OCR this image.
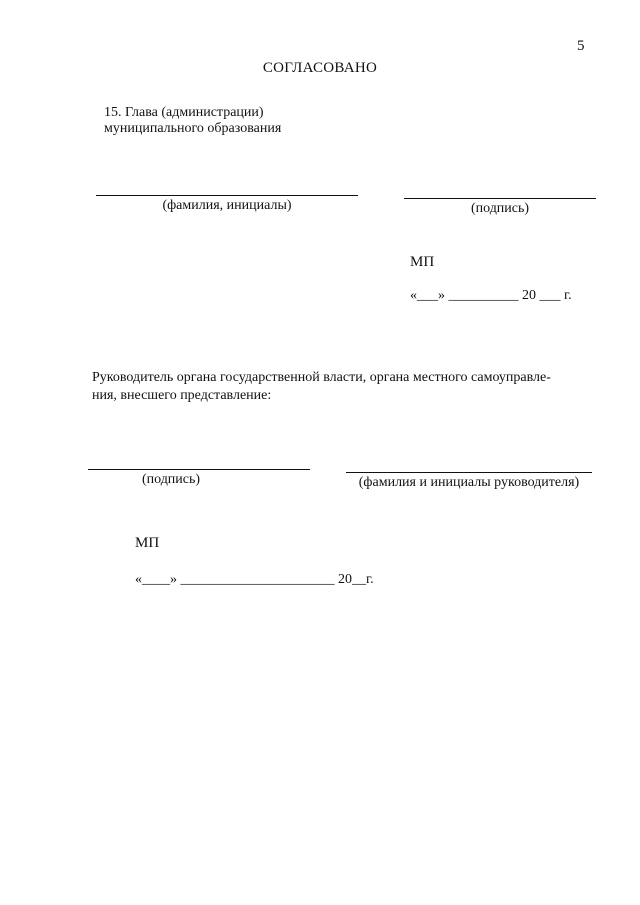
5
СОГЛАСОВАНО
15. Глава (администрации)
муниципального образования
(фамилия, инициалы)	(подпись)
МП
«___» __________ 20 ___ г.
Руководитель органа государственной власти, органа местного самоуправле-
ния, внесшего представление:
(подпись)	(фамилия и инициалы руководителя)
МП
«____» ______________________ 20__г.
